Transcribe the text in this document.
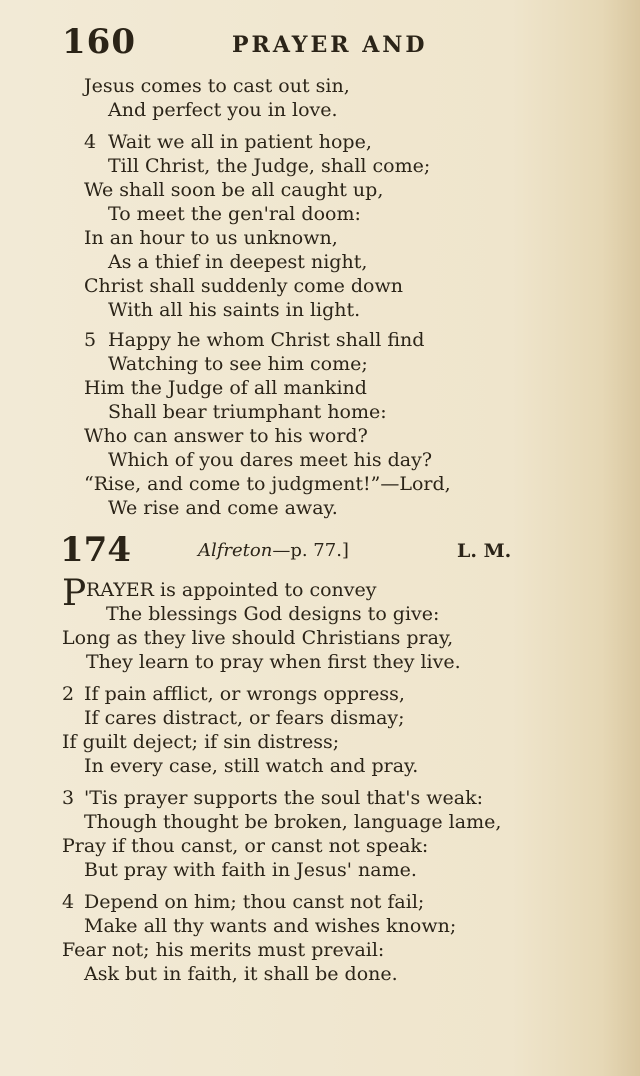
160	PRAYER AND
Jesus comes to cast out sin,
And perfect you in love.
4 Wait we all in patient hope,
Till Christ, the Judge, shall come;
We shall soon be all caught up,
To meet the gen'ral doom:
In an hour to us unknown,
As a thief in deepest night,
Christ shall suddenly come down
With all his saints in light.
5 Happy he whom Christ shall find
Watching to see him come;
Him the Judge of all mankind
Shall bear triumphant home:
Who can answer to his word?
Which of you dares meet his day?
“Rise, and come to judgment!”—Lord,
We rise and come away.
174	Alfreton—p. 77.]	L. M.
P RAYER is appointed to convey
The blessings God designs to give:
Long as they live should Christians pray,
They learn to pray when first they live.
2 If pain afflict, or wrongs oppress,
If cares distract, or fears dismay;
If guilt deject; if sin distress;
In every case, still watch and pray.
3 'Tis prayer supports the soul that's weak:
Though thought be broken, language lame,
Pray if thou canst, or canst not speak:
But pray with faith in Jesus' name.
4 Depend on him; thou canst not fail;
Make all thy wants and wishes known;
Fear not; his merits must prevail:
Ask but in faith, it shall be done.
